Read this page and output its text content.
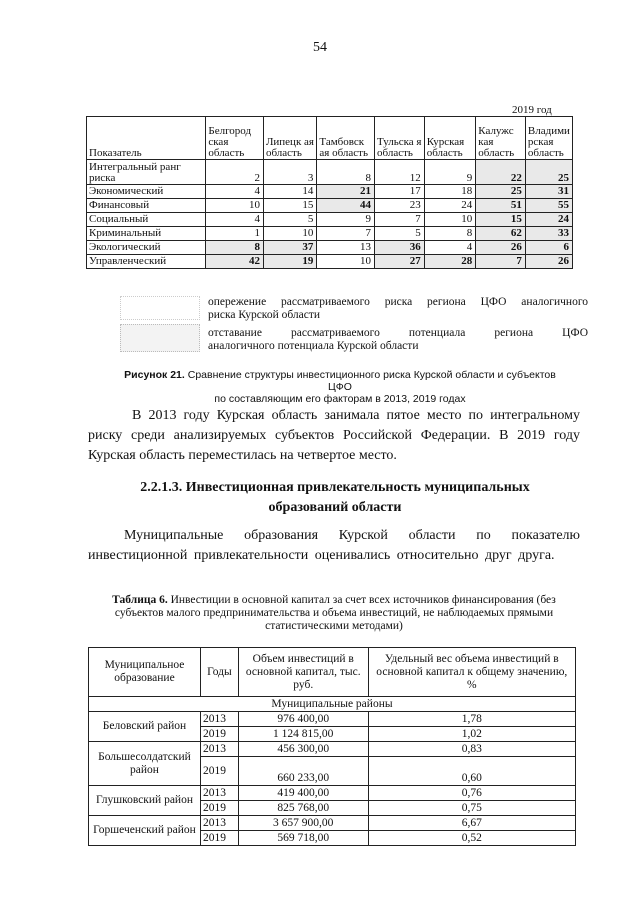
54
2019 год
Показатель	Белгород ская область	Липецк ая область	Тамбовск ая область	Тульска я область	Курская область	Калужс кая область	Владими рская область
Интегральный ранг риска	2	3	8	12	9	22	25
Экономический	4	14	21	17	18	25	31
Финансовый	10	15	44	23	24	51	55
Социальный	4	5	9	7	10	15	24
Криминальный	1	10	7	5	8	62	33
Экологический	8	37	13	36	4	26	6
Управленческий	42	19	10	27	28	7	26
опережение рассматриваемого риска региона ЦФО аналогичного
риска Курской области
отставание рассматриваемого потенциала региона ЦФО
аналогичного потенциала Курской области
Рисунок 21. Сравнение структуры инвестиционного риска Курской области и субъектов ЦФО
по составляющим его факторам в 2013, 2019 годах
В 2013 году Курская область занимала пятое место по интегральному риску среди анализируемых субъектов Российской Федерации. В 2019 году Курская область переместилась на четвертое место.
2.2.1.3. Инвестиционная привлекательность муниципальных образований области
Муниципальные образования Курской области по показателю инвестиционной привлекательности оценивались относительно друг друга.
Таблица 6. Инвестиции в основной капитал за счет всех источников финансирования (без субъектов малого предпринимательства и объема инвестиций, не наблюдаемых прямыми статистическими методами)
Муниципальное образование	Годы	Объем инвестиций в основной капитал, тыс. руб.	Удельный вес объема инвестиций в основной капитал к общему значению, %
Муниципальные районы			
Беловский район	2013	976 400,00	1,78
	2019	1 124 815,00	1,02
Большесолдатский район	2013	456 300,00	0,83
	2019	660 233,00	0,60
Глушковский район	2013	419 400,00	0,76
	2019	825 768,00	0,75
Горшеченский район	2013	3 657 900,00	6,67
	2019	569 718,00	0,52
